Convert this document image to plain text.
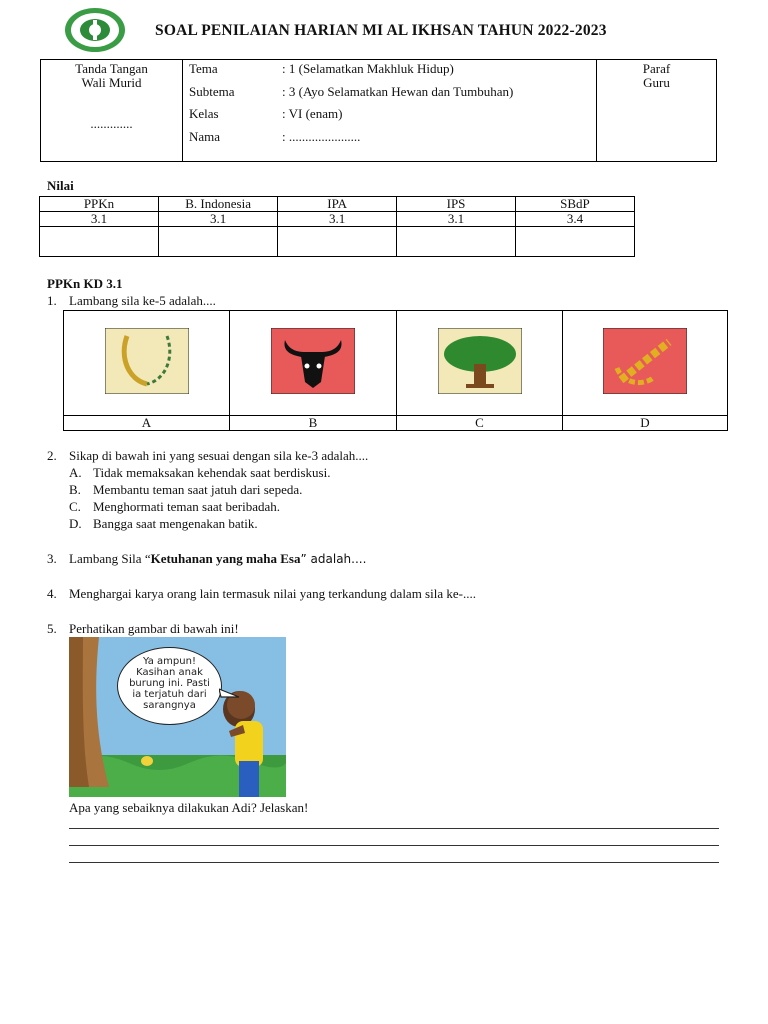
SOAL PENILAIAN HARIAN MI AL IKHSAN TAHUN 2022-2023
Tanda Tangan
Wali Murid
.............

Tema	: 1 (Selamatkan Makhluk Hidup)
Subtema	: 3 (Ayo Selamatkan Hewan dan Tumbuhan)
Kelas	: VI (enam)
Nama	: ......................

Paraf
Guru
Nilai
PPKn	B. Indonesia	IPA	IPS	SBdP
3.1	3.1	3.1	3.1	3.4

PPKn KD 3.1
1. Lambang sila ke-5 adalah....

A	B	C	D
2. Sikap di bawah ini yang sesuai dengan sila ke-3 adalah....
A. Tidak memaksakan kehendak saat berdiskusi.
B. Membantu teman saat jatuh dari sepeda.
C. Menghormati teman saat beribadah.
D. Bangga saat mengenakan batik.
3. Lambang Sila “Ketuhanan yang maha Esa” adalah....
4. Menghargai karya orang lain termasuk nilai yang terkandung dalam sila ke-....
5. Perhatikan gambar di bawah ini!
Ya ampun!
Kasihan anak
burung ini. Pasti
ia terjatuh dari
sarangnya
Apa yang sebaiknya dilakukan Adi? Jelaskan!
